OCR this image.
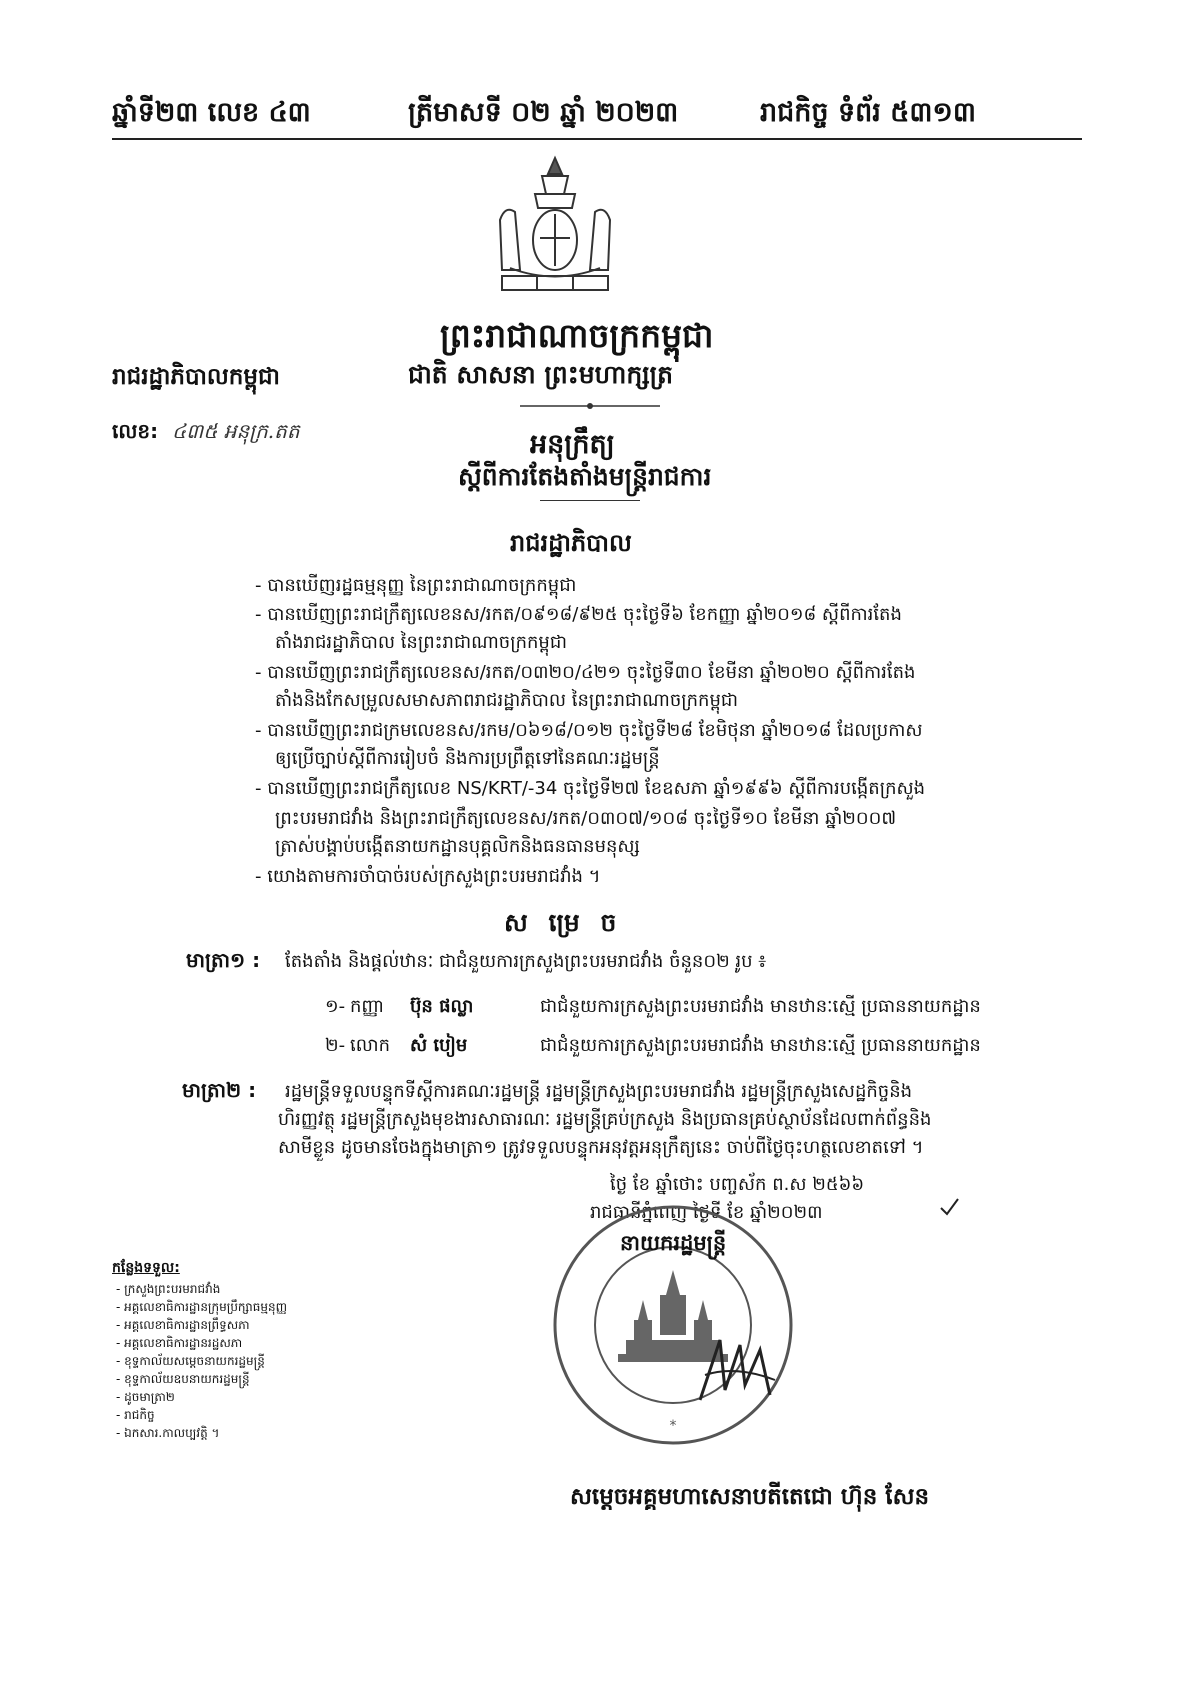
ឆ្នាំទី២៣ លេខ ៤៣	ត្រីមាសទី ០២ ឆ្នាំ ២០២៣	រាជកិច្ច ទំព័រ ៥៣១៣
ព្រះរាជាណាចក្រកម្ពុជា
ជាតិ សាសនា ព្រះមហាក្សត្រ
រាជរដ្ឋាភិបាលកម្ពុជា
លេខ: ៤៣៥ អនុក្រ.តត	អនុក្រឹត្យ
ស្តីពីការតែងតាំងមន្ត្រីរាជការ
រាជរដ្ឋាភិបាល
- បានឃើញរដ្ឋធម្មនុញ្ញ នៃព្រះរាជាណាចក្រកម្ពុជា
- បានឃើញព្រះរាជក្រឹត្យលេខនស/រកត/០៩១៨/៩២៥ ចុះថ្ងៃទី៦ ខែកញ្ញា ឆ្នាំ២០១៨ ស្តីពីការតែង
តាំងរាជរដ្ឋាភិបាល នៃព្រះរាជាណាចក្រកម្ពុជា
- បានឃើញព្រះរាជក្រឹត្យលេខនស/រកត/០៣២០/៤២១ ចុះថ្ងៃទី៣០ ខែមីនា ឆ្នាំ២០២០ ស្តីពីការតែង
តាំងនិងកែសម្រួលសមាសភាពរាជរដ្ឋាភិបាល នៃព្រះរាជាណាចក្រកម្ពុជា
- បានឃើញព្រះរាជក្រមលេខនស/រកម/០៦១៨/០១២ ចុះថ្ងៃទី២៨ ខែមិថុនា ឆ្នាំ២០១៨ ដែលប្រកាស
ឲ្យប្រើច្បាប់ស្តីពីការរៀបចំ និងការប្រព្រឹត្តទៅនៃគណៈរដ្ឋមន្ត្រី
- បានឃើញព្រះរាជក្រឹត្យលេខ NS/KRT/-34 ចុះថ្ងៃទី២៧ ខែឧសភា ឆ្នាំ១៩៩៦ ស្តីពីការបង្កើតក្រសួង
ព្រះបរមរាជវាំង និងព្រះរាជក្រឹត្យលេខនស/រកត/០៣០៧/១០៨ ចុះថ្ងៃទី១០ ខែមីនា ឆ្នាំ២០០៧
ត្រាស់បង្គាប់បង្កើតនាយកដ្ឋានបុគ្គលិកនិងធនធានមនុស្ស
- យោងតាមការចាំបាច់របស់ក្រសួងព្រះបរមរាជវាំង ។
ស ម្រេ ច
មាត្រា១ : តែងតាំង និងផ្តល់ឋានៈ ជាជំនួយការក្រសួងព្រះបរមរាជវាំង ចំនួន០២ រូប ៖
១- កញ្ញា ប៊ុន ផល្លា	ជាជំនួយការក្រសួងព្រះបរមរាជវាំង មានឋានៈស្មើ ប្រធាននាយកដ្ឋាន
២- លោក សំ បៀម	ជាជំនួយការក្រសួងព្រះបរមរាជវាំង មានឋានៈស្មើ ប្រធាននាយកដ្ឋាន
មាត្រា២ : រដ្ឋមន្ត្រីទទួលបន្ទុកទីស្តីការគណៈរដ្ឋមន្ត្រី រដ្ឋមន្ត្រីក្រសួងព្រះបរមរាជវាំង រដ្ឋមន្ត្រីក្រសួងសេដ្ឋកិច្ចនិង
ហិរញ្ញវត្ថុ រដ្ឋមន្ត្រីក្រសួងមុខងារសាធារណៈ រដ្ឋមន្ត្រីគ្រប់ក្រសួង និងប្រធានគ្រប់ស្ថាប័នដែលពាក់ព័ន្ធនិង
សាមីខ្លួន ដូចមានចែងក្នុងមាត្រា១ ត្រូវទទួលបន្ទុកអនុវត្តអនុក្រឹត្យនេះ ចាប់ពីថ្ងៃចុះហត្ថលេខាតទៅ ។
ថ្ងៃ ខែ ឆ្នាំថោះ បញ្ចស័ក ព.ស ២៥៦៦
រាជធានីភ្នំពេញ ថ្ងៃទី ខែ ឆ្នាំ២០២៣
*
នាយករដ្ឋមន្ត្រី
សម្តេចអគ្គមហាសេនាបតីតេជោ ហ៊ុន សែន
កន្លែងទទួល:
- ក្រសួងព្រះបរមរាជវាំង
- អគ្គលេខាធិការដ្ឋានក្រុមប្រឹក្សាធម្មនុញ្ញ
- អគ្គលេខាធិការដ្ឋានព្រឹទ្ធសភា
- អគ្គលេខាធិការដ្ឋានរដ្ឋសភា
- ខុទ្ទកាល័យសម្តេចនាយករដ្ឋមន្ត្រី
- ខុទ្ទកាល័យឧបនាយករដ្ឋមន្ត្រី
- ដូចមាត្រា២
- រាជកិច្ច
- ឯកសារ.កាលប្បវត្តិ ។
